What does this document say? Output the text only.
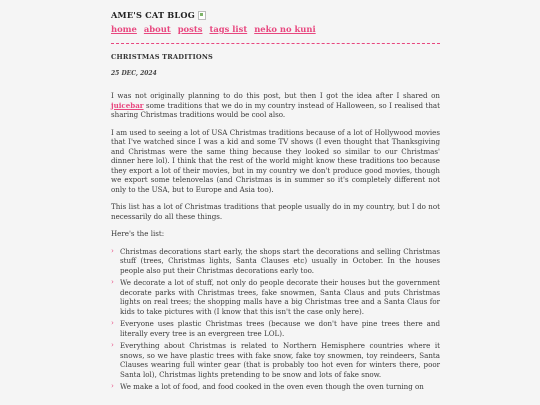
AME'S CAT BLOG
home about posts tags list neko no kuni
CHRISTMAS TRADITIONS
25 DEC, 2024

I was not originally planning to do this post, but then I got the idea after I shared on juicebar some traditions that we do in my country instead of Halloween, so I realised that sharing Christmas traditions would be cool also.

I am used to seeing a lot of USA Christmas traditions because of a lot of Hollywood movies that I've watched since I was a kid and some TV shows (I even thought that Thanksgiving and Christmas were the same thing because they looked so similar to our Christmas' dinner here lol). I think that the rest of the world might know these traditions too because they export a lot of their movies, but in my country we don't produce good movies, though we export some telenovelas (and Christmas is in summer so it's completely different not only to the USA, but to Europe and Asia too).

This list has a lot of Christmas traditions that people usually do in my country, but I do not necessarily do all these things.

Here's the list:

› Christmas decorations start early, the shops start the decorations and selling Christmas stuff (trees, Christmas lights, Santa Clauses etc) usually in October. In the houses people also put their Christmas decorations early too.
› We decorate a lot of stuff, not only do people decorate their houses but the government decorate parks with Christmas trees, fake snowmen, Santa Claus and puts Christmas lights on real trees; the shopping malls have a big Christmas tree and a Santa Claus for kids to take pictures with (I know that this isn't the case only here).
› Everyone uses plastic Christmas trees (because we don't have pine trees there and literally every tree is an evergreen tree LOL).
› Everything about Christmas is related to Northern Hemisphere countries where it snows, so we have plastic trees with fake snow, fake toy snowmen, toy reindeers, Santa Clauses wearing full winter gear (that is probably too hot even for winters there, poor Santa lol), Christmas lights pretending to be snow and lots of fake snow.
› We make a lot of food, and food cooked in the oven even though the oven turning on
